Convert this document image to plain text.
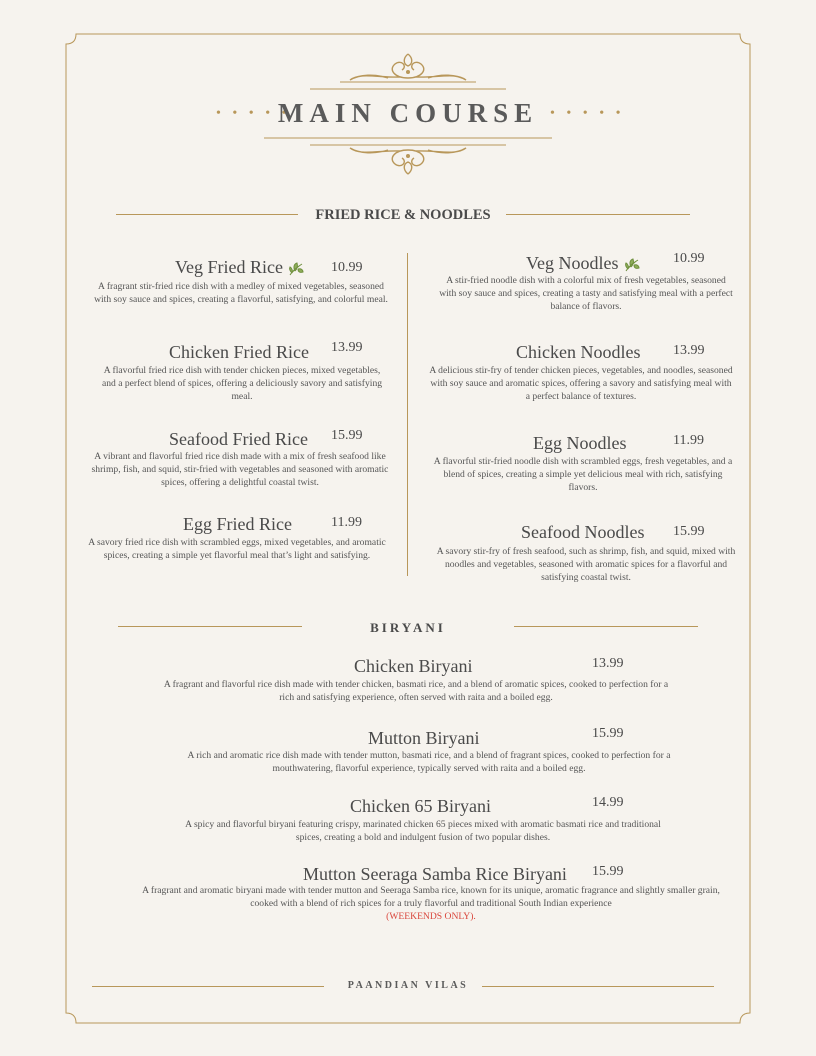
• • • • •
MAIN COURSE • • • • •
FRIED RICE & NOODLES
Veg Fried Rice	10.99
A fragrant stir-fried rice dish with a medley of mixed vegetables, seasoned with soy sauce and spices, creating a flavorful, satisfying, and colorful meal.
Chicken Fried Rice 13.99
A flavorful fried rice dish with tender chicken pieces, mixed vegetables, and a perfect blend of spices, offering a deliciously savory and satisfying meal.
Seafood Fried Rice 15.99
A vibrant and flavorful fried rice dish made with a mix of fresh seafood like shrimp, fish, and squid, stir-fried with vegetables and seasoned with aromatic spices, offering a delightful coastal twist.
Egg Fried Rice	11.99
A savory fried rice dish with scrambled eggs, mixed vegetables, and aromatic spices, creating a simple yet flavorful meal that’s light and satisfying.
Veg Noodles	10.99
A stir-fried noodle dish with a colorful mix of fresh vegetables, seasoned with soy sauce and spices, creating a tasty and satisfying meal with a perfect balance of flavors.
Chicken Noodles 13.99
A delicious stir-fry of tender chicken pieces, vegetables, and noodles, seasoned with soy sauce and aromatic spices, offering a savory and satisfying meal with a perfect balance of textures.
Egg Noodles	11.99
A flavorful stir-fried noodle dish with scrambled eggs, fresh vegetables, and a blend of spices, creating a simple yet delicious meal with rich, satisfying flavors.
Seafood Noodles 15.99
A savory stir-fry of fresh seafood, such as shrimp, fish, and squid, mixed with noodles and vegetables, seasoned with aromatic spices for a flavorful and satisfying coastal twist.
BIRYANI
Chicken Biryani	13.99
A fragrant and flavorful rice dish made with tender chicken, basmati rice, and a blend of aromatic spices, cooked to perfection for a rich and satisfying experience, often served with raita and a boiled egg.
Mutton Biryani	15.99
A rich and aromatic rice dish made with tender mutton, basmati rice, and a blend of fragrant spices, cooked to perfection for a mouthwatering, flavorful experience, typically served with raita and a boiled egg.
Chicken 65 Biryani	14.99
A spicy and flavorful biryani featuring crispy, marinated chicken 65 pieces mixed with aromatic basmati rice and traditional spices, creating a bold and indulgent fusion of two popular dishes.
Mutton Seeraga Samba Rice Biryani 15.99
A fragrant and aromatic biryani made with tender mutton and Seeraga Samba rice, known for its unique, aromatic fragrance and slightly smaller grain, cooked with a blend of rich spices for a truly flavorful and traditional South Indian experience
(WEEKENDS ONLY).
PAANDIAN VILAS
